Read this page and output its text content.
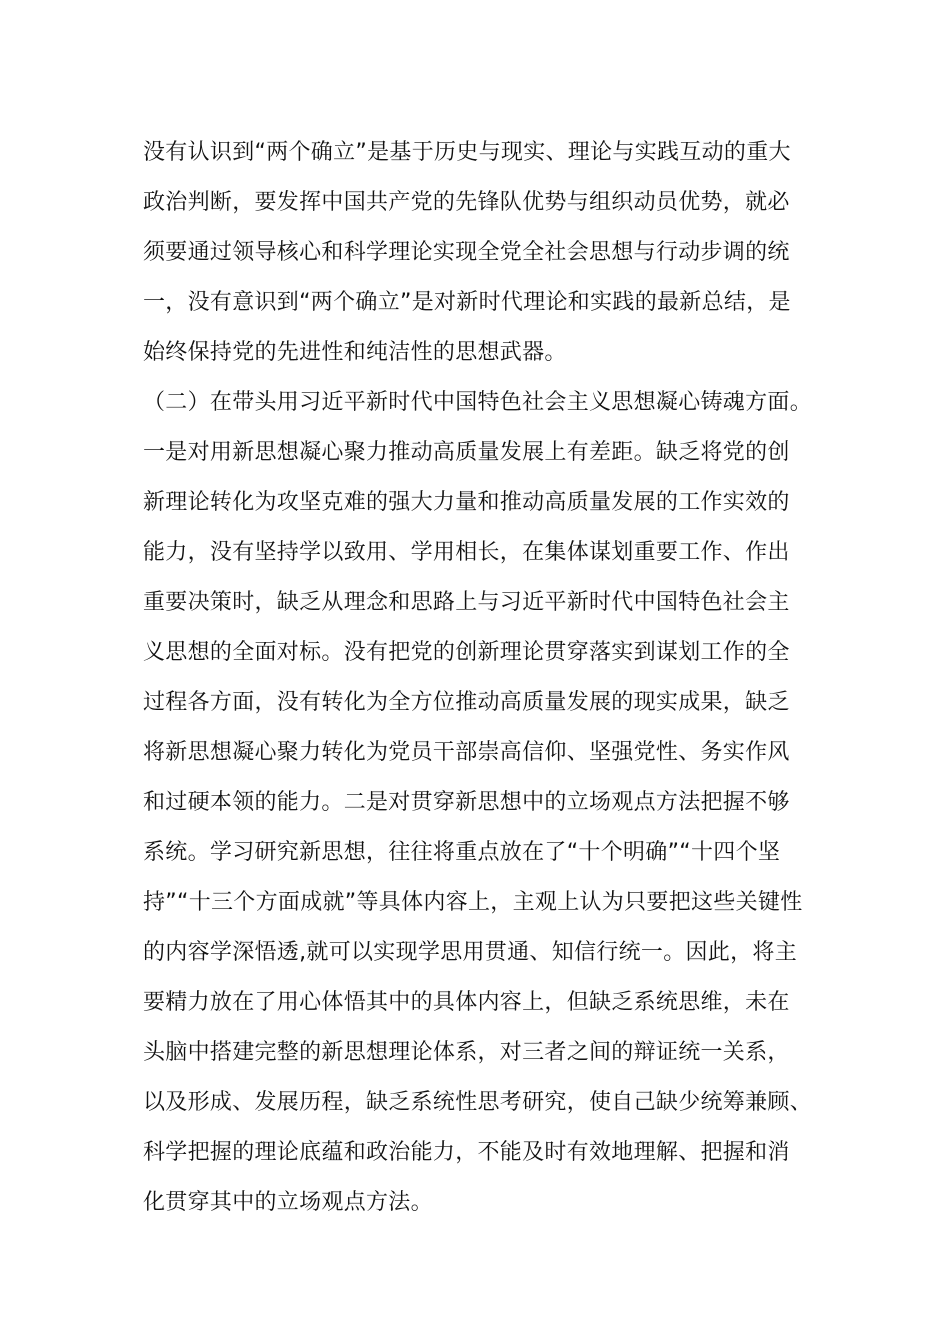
没有认识到“两个确立”是基于历史与现实、理论与实践互动的重大
政治判断，要发挥中国共产党的先锋队优势与组织动员优势，就必
须要通过领导核心和科学理论实现全党全社会思想与行动步调的统
一，没有意识到“两个确立”是对新时代理论和实践的最新总结，是
始终保持党的先进性和纯洁性的思想武器。
（二）在带头用习近平新时代中国特色社会主义思想凝心铸魂方面。
一是对用新思想凝心聚力推动高质量发展上有差距。缺乏将党的创
新理论转化为攻坚克难的强大力量和推动高质量发展的工作实效的
能力，没有坚持学以致用、学用相长，在集体谋划重要工作、作出
重要决策时，缺乏从理念和思路上与习近平新时代中国特色社会主
义思想的全面对标。没有把党的创新理论贯穿落实到谋划工作的全
过程各方面，没有转化为全方位推动高质量发展的现实成果，缺乏
将新思想凝心聚力转化为党员干部崇高信仰、坚强党性、务实作风
和过硬本领的能力。二是对贯穿新思想中的立场观点方法把握不够
系统。学习研究新思想，往往将重点放在了“十个明确”“十四个坚
持”“十三个方面成就”等具体内容上，主观上认为只要把这些关键性
的内容学深悟透,就可以实现学思用贯通、知信行统一。因此，将主
要精力放在了用心体悟其中的具体内容上，但缺乏系统思维，未在
头脑中搭建完整的新思想理论体系，对三者之间的辩证统一关系，
以及形成、发展历程，缺乏系统性思考研究，使自己缺少统筹兼顾、
科学把握的理论底蕴和政治能力，不能及时有效地理解、把握和消
化贯穿其中的立场观点方法。
